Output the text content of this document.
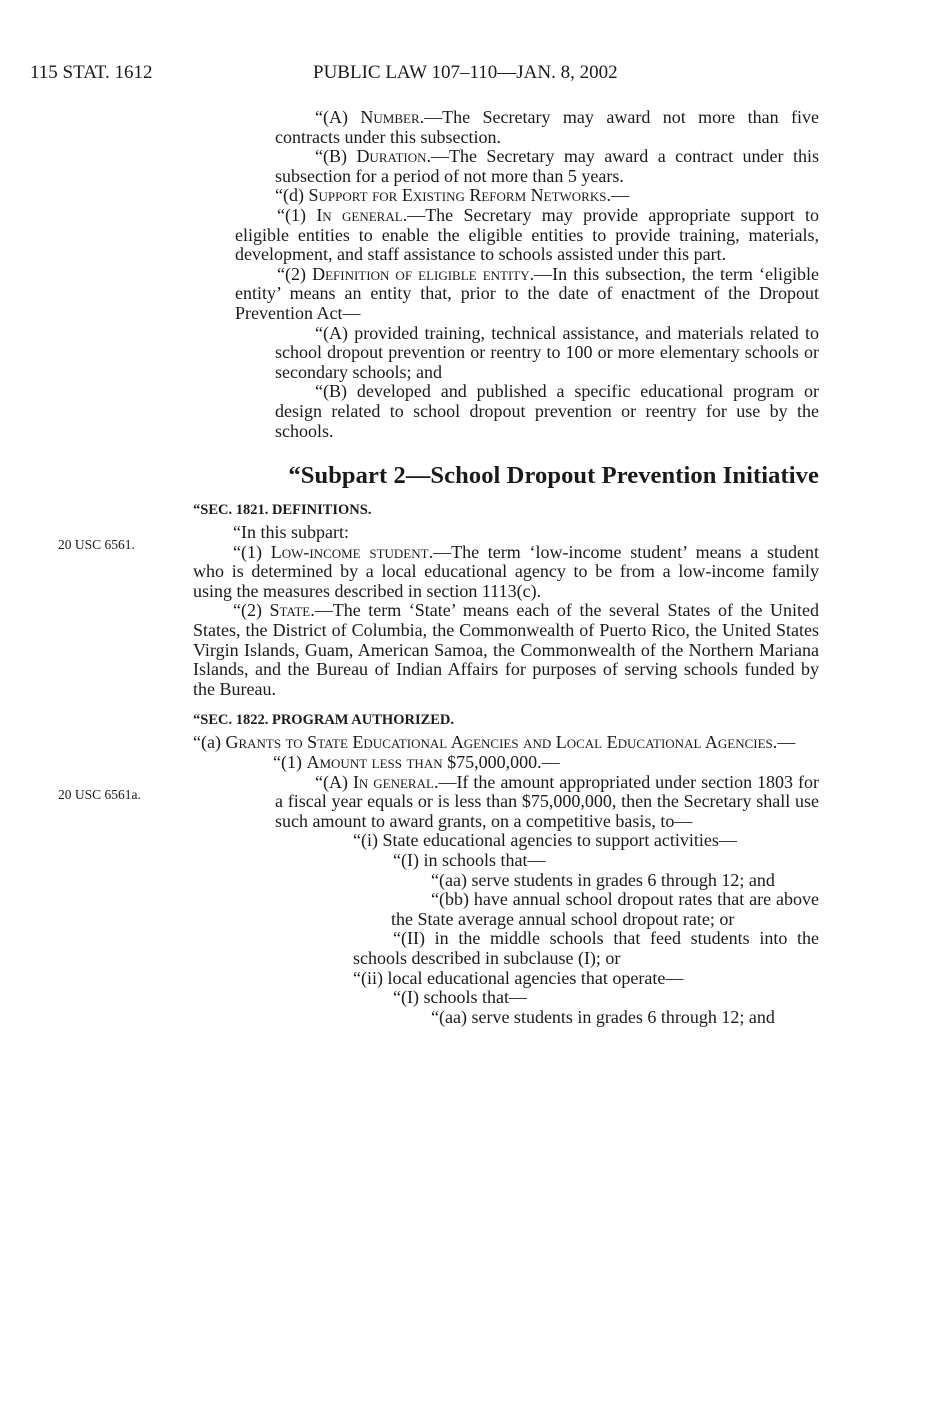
115 STAT. 1612	PUBLIC LAW 107–110—JAN. 8, 2002
20 USC 6561.
20 USC 6561a.

“(A) Number.—The Secretary may award not more than five contracts under this subsection.

“(B) Duration.—The Secretary may award a contract under this subsection for a period of not more than 5 years.

“(d) Support for Existing Reform Networks.—

“(1) In general.—The Secretary may provide appropriate support to eligible entities to enable the eligible entities to provide training, materials, development, and staff assistance to schools assisted under this part.

“(2) Definition of eligible entity.—In this subsection, the term ‘eligible entity’ means an entity that, prior to the date of enactment of the Dropout Prevention Act—

“(A) provided training, technical assistance, and materials related to school dropout prevention or reentry to 100 or more elementary schools or secondary schools; and

“(B) developed and published a specific educational program or design related to school dropout prevention or reentry for use by the schools.

“Subpart 2—School Dropout Prevention Initiative
“SEC. 1821. DEFINITIONS.

“In this subpart:

“(1) Low-income student.—The term ‘low-income student’ means a student who is determined by a local educational agency to be from a low-income family using the measures described in section 1113(c).

“(2) State.—The term ‘State’ means each of the several States of the United States, the District of Columbia, the Commonwealth of Puerto Rico, the United States Virgin Islands, Guam, American Samoa, the Commonwealth of the Northern Mariana Islands, and the Bureau of Indian Affairs for purposes of serving schools funded by the Bureau.

“SEC. 1822. PROGRAM AUTHORIZED.

“(a) Grants to State Educational Agencies and Local Educational Agencies.—

“(1) Amount less than $75,000,000.—

“(A) In general.—If the amount appropriated under section 1803 for a fiscal year equals or is less than $75,000,000, then the Secretary shall use such amount to award grants, on a competitive basis, to—

“(i) State educational agencies to support activities—

“(I) in schools that—

“(aa) serve students in grades 6 through 12; and

“(bb) have annual school dropout rates that are above the State average annual school dropout rate; or

“(II) in the middle schools that feed students into the schools described in subclause (I); or

“(ii) local educational agencies that operate—

“(I) schools that—

“(aa) serve students in grades 6 through 12; and
